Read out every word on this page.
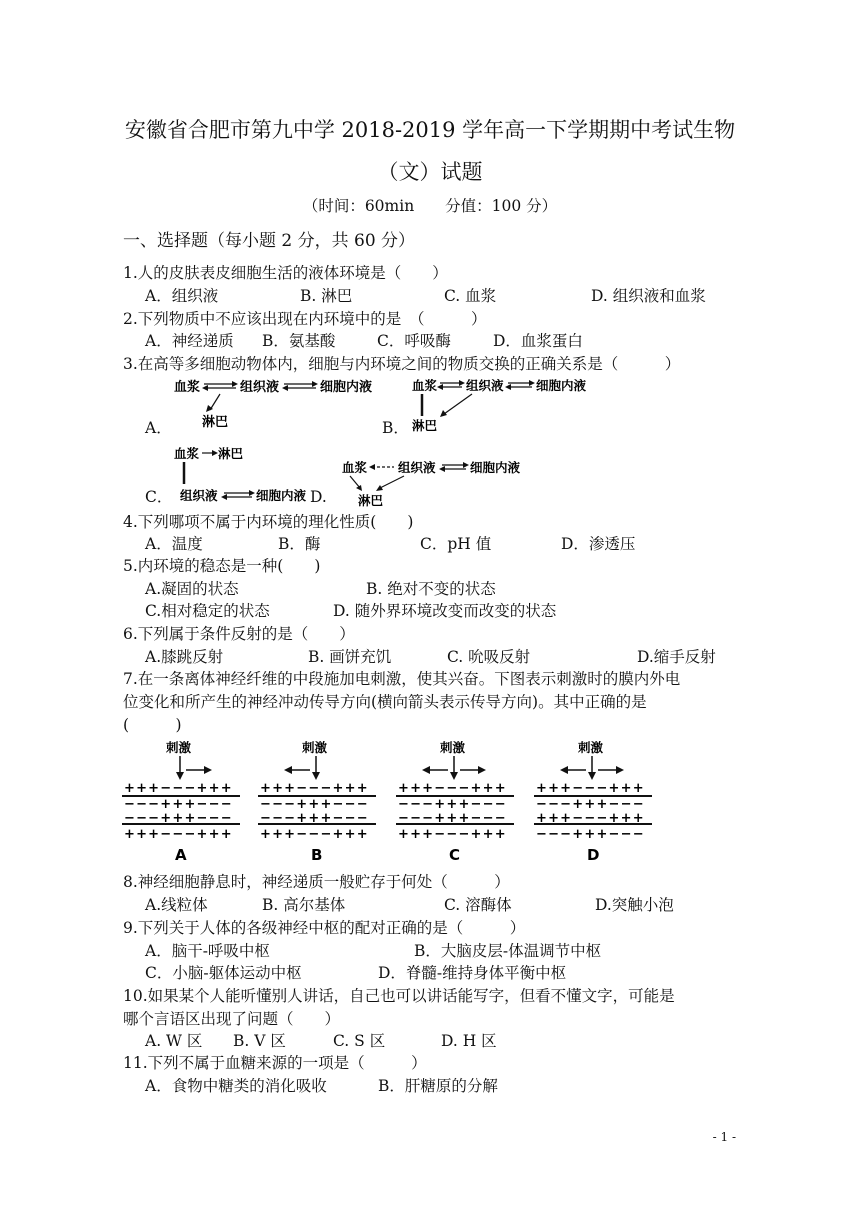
安徽省合肥市第九中学 2018-2019 学年高一下学期期中考试生物
（文）试题
（时间：60min　　分值：100 分）
一、选择题（每小题 2 分，共 60 分）
1.人的皮肤表皮细胞生活的液体环境是（　　）
A．组织液	B. 淋巴	C. 血浆	D. 组织液和血浆
2.下列物质中不应该出现在内环境中的是　（　　　）
A．神经递质 B．氨基酸	C．呼吸酶	D．血浆蛋白
3.在高等多细胞动物体内，细胞与内环境之间的物质交换的正确关系是（　　　）
血浆	组织液	细胞内液
淋巴
A．
血浆 组织液	细胞内液
淋巴
B．
血浆 淋巴
组织液	细胞内液
C．
血浆 组织液	细胞内液
淋巴
D.
4.下列哪项不属于内环境的理化性质(　　)
A．温度	B．酶	C．pH 值	D．渗透压
5.内环境的稳态是一种(　　)
A.凝固的状态	B. 绝对不变的状态
C.相对稳定的状态	D. 随外界环境改变而改变的状态
6.下列属于条件反射的是（　　）
A.膝跳反射	B. 画饼充饥	C. 吮吸反射	D.缩手反射
7.在一条离体神经纤维的中段施加电刺激，使其兴奋。下图表示刺激时的膜内外电
位变化和所产生的神经冲动传导方向(横向箭头表示传导方向)。其中正确的是
(　　　)
刺激
+++−−−+++
−−−+++−−−
−−−+++−−−
+++−−−+++
A
刺激
+++−−−+++
−−−+++−−−
−−−+++−−−
+++−−−+++
B
刺激
+++−−−+++
−−−+++−−−
−−−+++−−−
+++−−−+++
C
刺激
+++−−−+++
−−−+++−−−
+++−−−+++
−−−+++−−−
D
8.神经细胞静息时，神经递质一般贮存于何处（　　　）
A.线粒体	B. 高尔基体	C. 溶酶体	D.突触小泡
9.下列关于人体的各级神经中枢的配对正确的是（　　　）
A．脑干-呼吸中枢	B．大脑皮层-体温调节中枢
C．小脑-躯体运动中枢	D．脊髓-维持身体平衡中枢
10.如果某个人能听懂别人讲话，自己也可以讲话能写字，但看不懂文字，可能是
哪个言语区出现了问题（　　）
A. W 区 B. V 区	C. S 区	D. H 区
11.下列不属于血糖来源的一项是（　　　）
A．食物中糖类的消化吸收	B．肝糖原的分解
- 1 -
